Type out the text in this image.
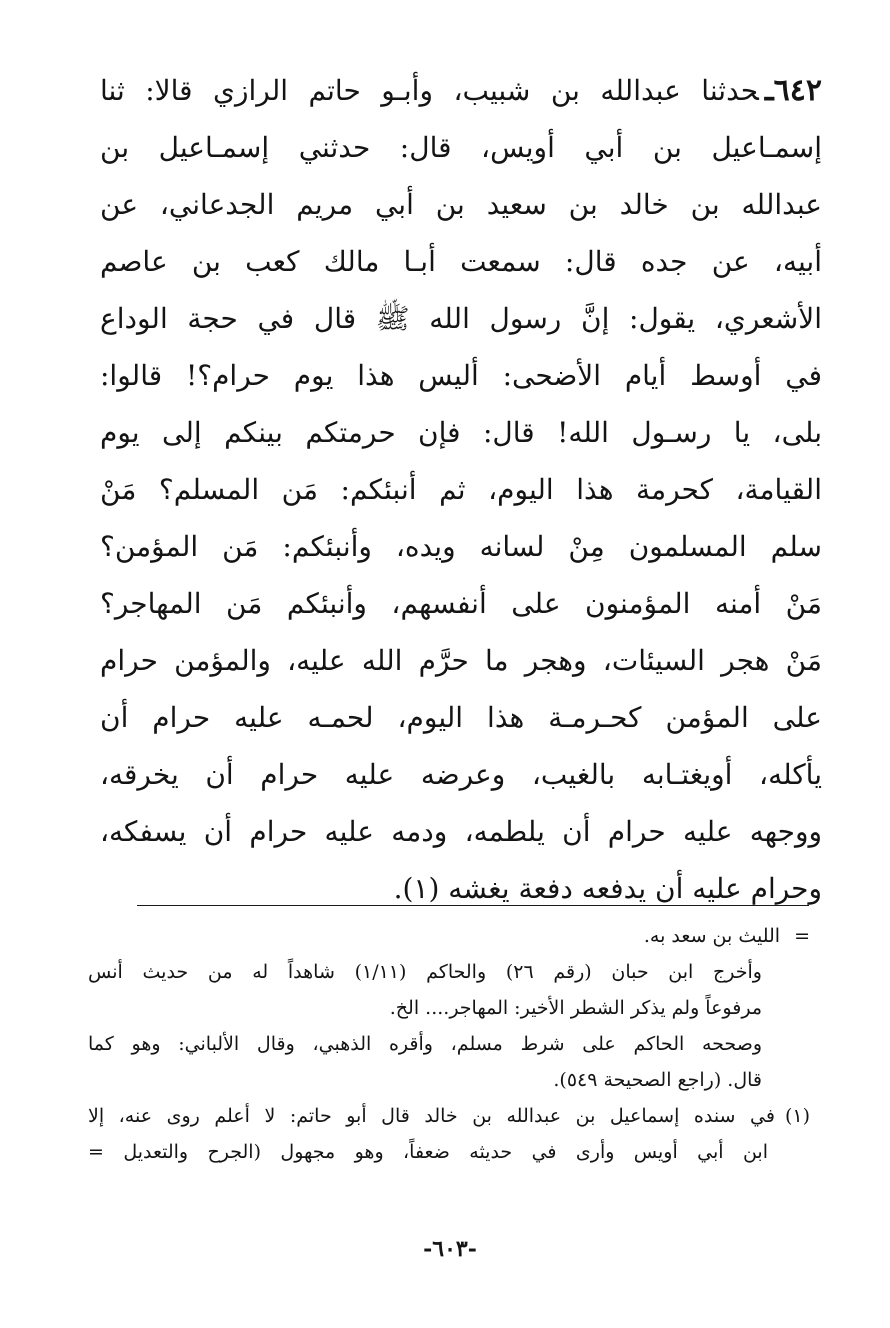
٦٤٢ـحدثنا عبدالله بن شبيب، وأبـو حاتم الرازي قالا: ثنا
إسمـاعيل بن أبي أويس، قال: حدثني إسمـاعيل بن
عبدالله بن خالد بن سعيد بن أبي مريم الجدعاني، عن
أبيه، عن جده قال: سمعت أبـا مالك كعب بن عاصم
الأشعري، يقول: إنَّ رسول الله ﷺ قال في حجة الوداع
في أوسط أيام الأضحى: أليس هذا يوم حرام؟! قالوا:
بلى، يا رسـول الله! قال: فإن حرمتكم بينكم إلى يوم
القيامة، كحرمة هذا اليوم، ثم أنبئكم: مَن المسلم؟ مَنْ
سلم المسلمون مِنْ لسانه ويده، وأنبئكم: مَن المؤمن؟
مَنْ أمنه المؤمنون على أنفسهم، وأنبئكم مَن المهاجر؟
مَنْ هجر السيئات، وهجر ما حرَّم الله عليه، والمؤمن حرام
على المؤمن كحـرمـة هذا اليوم، لحمـه عليه حرام أن
يأكله، أويغتـابه بالغيب، وعرضه عليه حرام أن يخرقه،
ووجهه عليه حرام أن يلطمه، ودمه عليه حرام أن يسفكه،
وحرام عليه أن يدفعه دفعة يغشه (١).
=الليث بن سعد به.
وأخرج ابن حبان (رقم ٢٦) والحاكم (١/١١) شاهداً له من حديث أنس
مرفوعاً ولم يذكر الشطر الأخير: المهاجر.... الخ.
وصححه الحاكم على شرط مسلم، وأقره الذهبي، وقال الألباني: وهو كما
قال. (راجع الصحيحة ٥٤٩).
(١)في سنده إسماعيل بن عبدالله بن خالد قال أبو حاتم: لا أعلم روى عنه، إلا
ابن أبي أويس وأرى في حديثه ضعفاً، وهو مجهول (الجرح والتعديل =
-٦٠٣-
